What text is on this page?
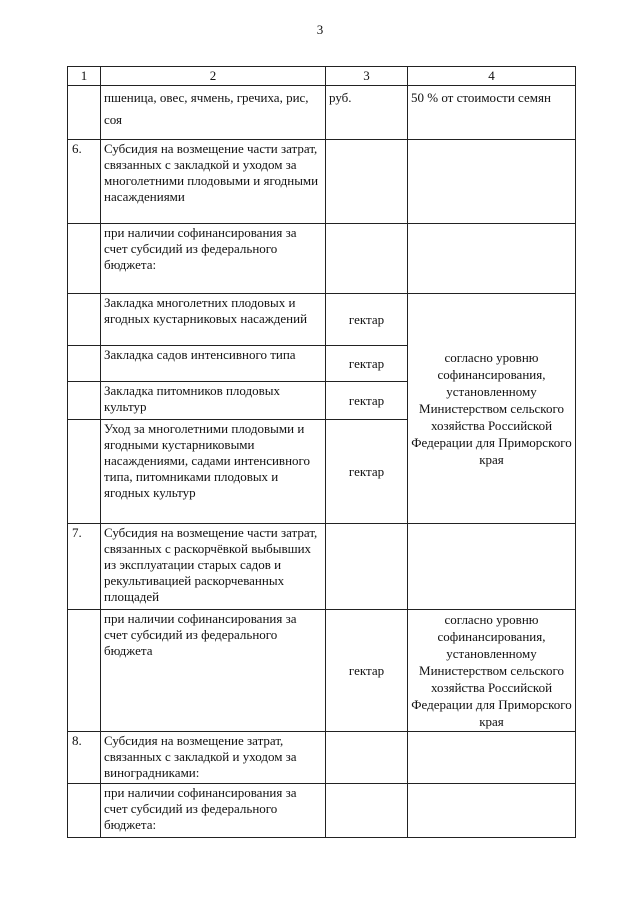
3
1	2	3	4
	пшеница, овес, ячмень, гречиха, рис, соя	руб.	50 % от стоимости семян
6.	Субсидия на возмещение части затрат, связанных с закладкой и уходом за многолетними плодовыми и ягодными насаждениями		
	при наличии софинансирования за счет субсидий из федерального бюджета:		
	Закладка многолетних плодовых и ягодных кустарниковых насаждений	гектар	согласно уровню софинансирования, установленному Министерством сельского хозяйства Российской Федерации для Приморского края
	Закладка садов интенсивного типа	гектар	
	Закладка питомников плодовых культур	гектар	
	Уход за многолетними плодовыми и ягодными кустарниковыми насаждениями, садами интенсивного типа, питомниками плодовых и ягодных культур	гектар	
7.	Субсидия на возмещение части затрат, связанных с раскорчёвкой выбывших из эксплуатации старых садов и рекультивацией раскорчеванных площадей		
	при наличии софинансирования за счет субсидий из федерального бюджета	гектар	согласно уровню софинансирования, установленному Министерством сельского хозяйства Российской Федерации для Приморского края
8.	Субсидия на возмещение затрат, связанных с закладкой и уходом за виноградниками:		
	при наличии софинансирования за счет субсидий из федерального бюджета:		
